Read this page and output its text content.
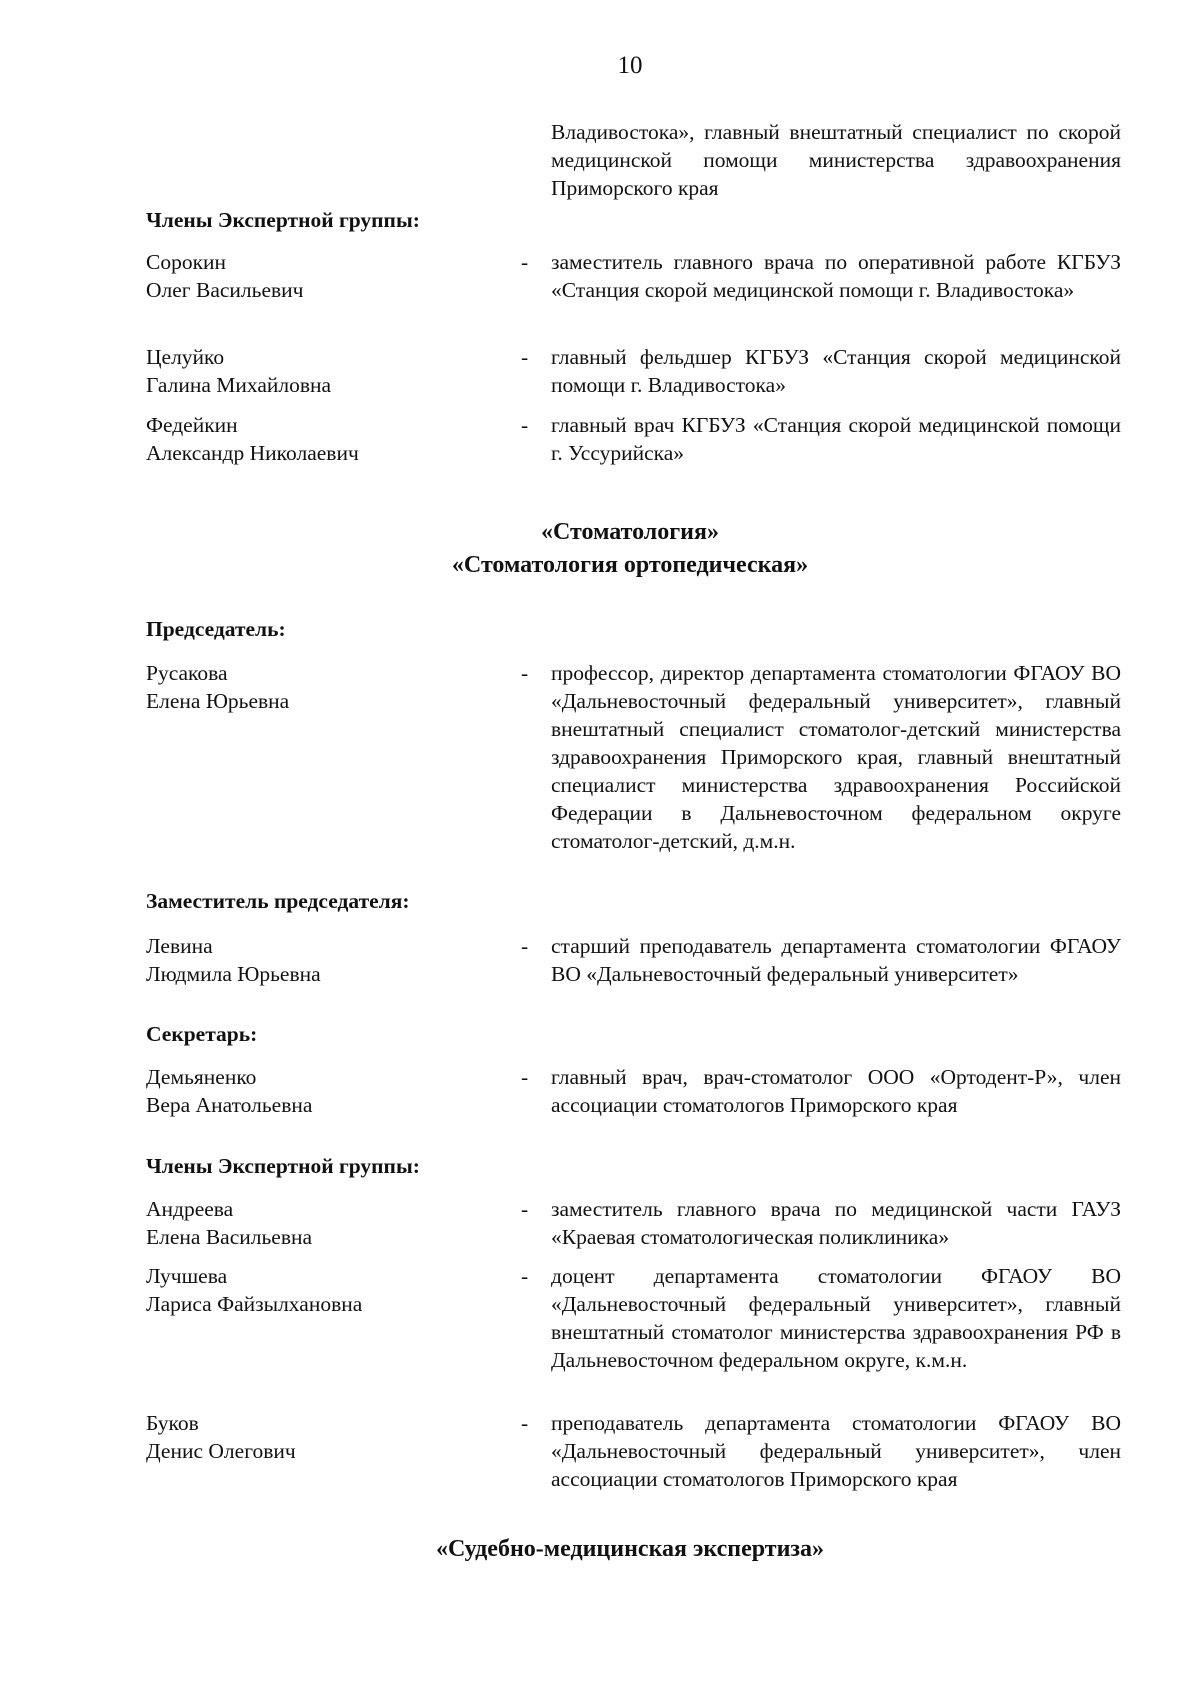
10
Владивостока», главный внештатный специалист по скорой медицинской помощи министерства здравоохранения Приморского края
Члены Экспертной группы:
Сорокин
Олег Васильевич
- заместитель главного врача по оперативной работе КГБУЗ «Станция скорой медицинской помощи г. Владивостока»
Целуйко
Галина Михайловна
- главный фельдшер КГБУЗ «Станция скорой медицинской помощи г. Владивостока»
Федейкин
Александр Николаевич
- главный врач КГБУЗ «Станция скорой медицинской помощи г. Уссурийска»
«Стоматология»
«Стоматология ортопедическая»
Председатель:
Русакова
Елена Юрьевна
- профессор, директор департамента стоматологии ФГАОУ ВО «Дальневосточный федеральный университет», главный внештатный специалист стоматолог-детский министерства здравоохранения Приморского края, главный внештатный специалист министерства здравоохранения Российской Федерации в Дальневосточном федеральном округе стоматолог-детский, д.м.н.
Заместитель председателя:
Левина
Людмила Юрьевна
- старший преподаватель департамента стоматологии ФГАОУ ВО «Дальневосточный федеральный университет»
Секретарь:
Демьяненко
Вера Анатольевна
- главный врач, врач-стоматолог ООО «Ортодент-Р», член ассоциации стоматологов Приморского края
Члены Экспертной группы:
Андреева
Елена Васильевна
- заместитель главного врача по медицинской части ГАУЗ «Краевая стоматологическая поликлиника»
Лучшева
Лариса Файзылхановна
- доцент департамента стоматологии ФГАОУ ВО «Дальневосточный федеральный университет», главный внештатный стоматолог министерства здравоохранения РФ в Дальневосточном федеральном округе, к.м.н.
Буков
Денис Олегович
- преподаватель департамента стоматологии ФГАОУ ВО «Дальневосточный федеральный университет», член ассоциации стоматологов Приморского края
«Судебно-медицинская экспертиза»
